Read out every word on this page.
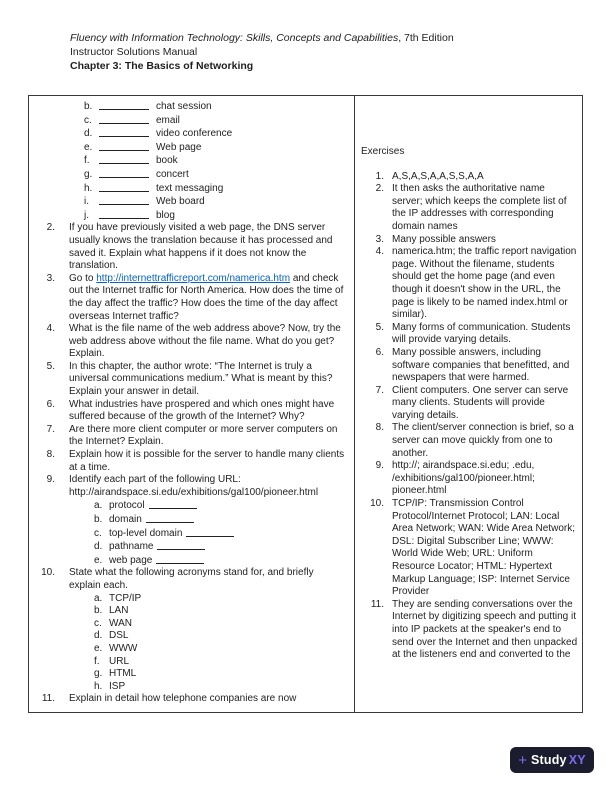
Fluency with Information Technology: Skills, Concepts and Capabilities, 7th Edition
Instructor Solutions Manual
Chapter 3: The Basics of Networking
b.	chat session
c.	email
d.	video conference
e.	Web page
f.	book
g.	concert
h.	text messaging
i.	Web board
j.	blog
2.	If you have previously visited a web page, the DNS server usually knows the translation because it has processed and saved it. Explain what happens if it does not know the translation.
3.	Go to http://internettrafficreport.com/namerica.htm and check out the Internet traffic for North America. How does the time of the day affect the traffic? How does the time of the day affect overseas Internet traffic?
4.	What is the file name of the web address above? Now, try the web address above without the file name. What do you get? Explain.
5.	In this chapter, the author wrote: “The Internet is truly a universal communications medium.” What is meant by this? Explain your answer in detail.
6.	What industries have prospered and which ones might have suffered because of the growth of the Internet? Why?
7.	Are there more client computer or more server computers on the Internet? Explain.
8.	Explain how it is possible for the server to handle many clients at a time.
9.	Identify each part of the following URL: http://airandspace.si.edu/exhibitions/gal100/pioneer.html
a. protocol
b. domain
c. top-level domain
d. pathname
e. web page
10.	State what the following acronyms stand for, and briefly explain each.
a. TCP/IP
b. LAN
c. WAN
d. DSL
e. WWW
f. URL
g. HTML
h. ISP
11.	Explain in detail how telephone companies are now
Exercises
1. A,S,A,S,A,A,S,S,A,A
2. It then asks the authoritative name server; which keeps the complete list of the IP addresses with corresponding domain names
3. Many possible answers
4. namerica.htm; the traffic report navigation page. Without the filename, students should get the home page (and even though it doesn't show in the URL, the page is likely to be named index.html or similar).
5. Many forms of communication. Students will provide varying details.
6. Many possible answers, including software companies that benefitted, and newspapers that were harmed.
7. Client computers. One server can serve many clients. Students will provide varying details.
8. The client/server connection is brief, so a server can move quickly from one to another.
9. http://; airandspace.si.edu; .edu, /exhibitions/gal100/pioneer.html; pioneer.html
10. TCP/IP: Transmission Control Protocol/Internet Protocol; LAN: Local Area Network; WAN: Wide Area Network; DSL: Digital Subscriber Line; WWW: World Wide Web; URL: Uniform Resource Locator; HTML: Hypertext Markup Language; ISP: Internet Service Provider
11. They are sending conversations over the Internet by digitizing speech and putting it into IP packets at the speaker's end to send over the Internet and then unpacked at the listeners end and converted to the
+ Study XY
